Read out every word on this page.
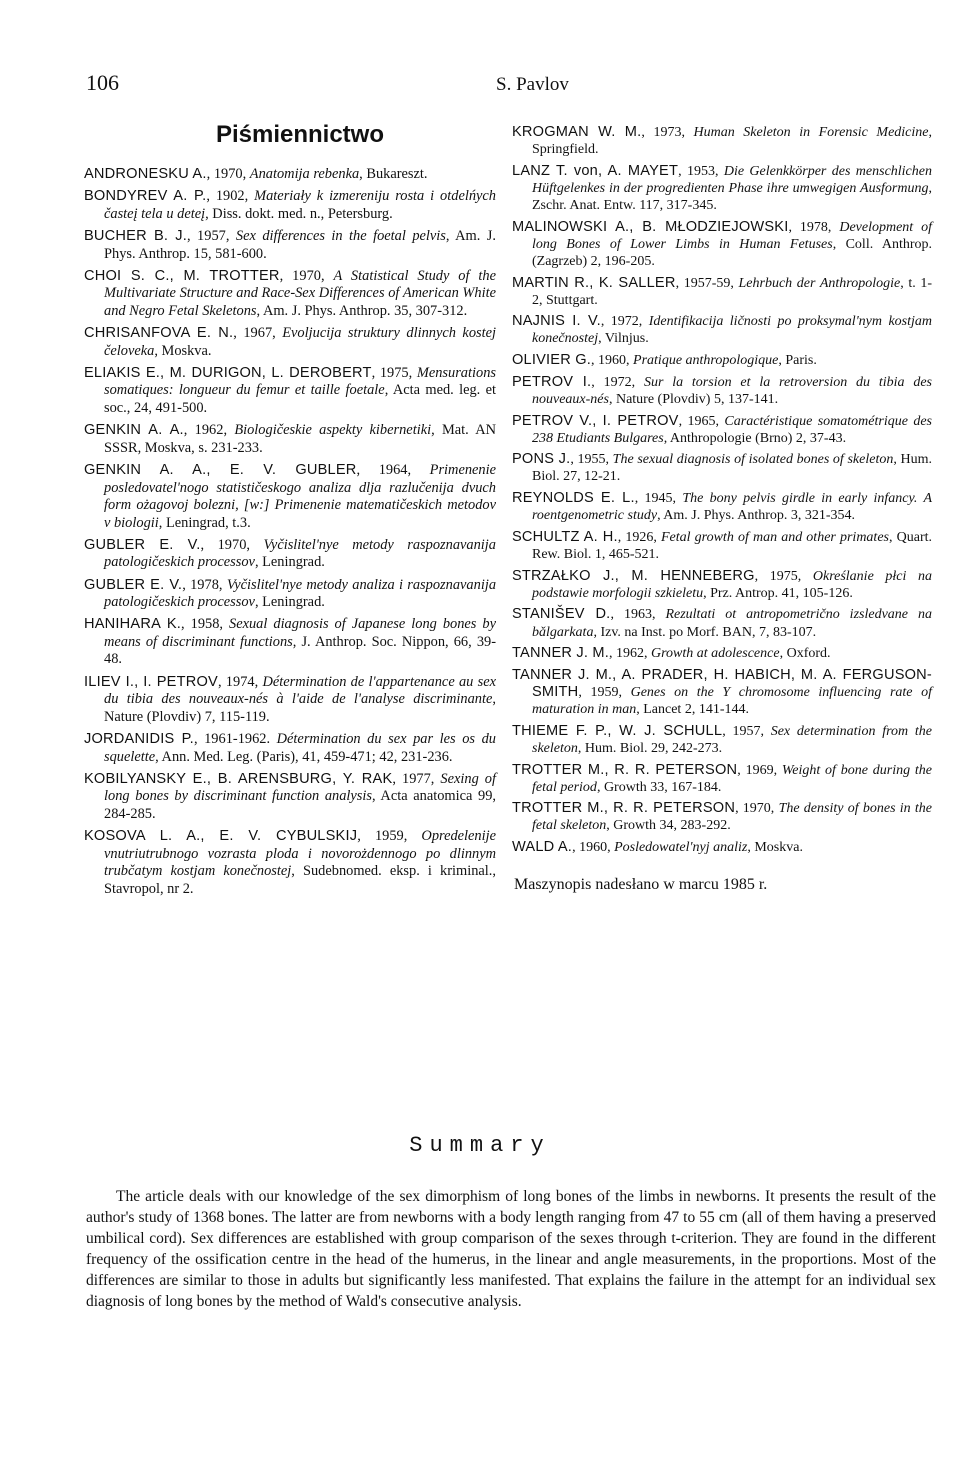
106	S. Pavlov
Piśmiennictwo

ANDRONESKU A., 1970, Anatomija rebenka, Bukareszt.

BONDYREV A. P., 1902, Materiały k izmereniju rosta i otdelńych časteį tela u deteį, Diss. dokt. med. n., Petersburg.

BUCHER B. J., 1957, Sex differences in the foetal pelvis, Am. J. Phys. Anthrop. 15, 581-600.

CHOI S. C., M. TROTTER, 1970, A Statistical Study of the Multivariate Structure and Race-Sex Differences of American White and Negro Fetal Skeletons, Am. J. Phys. Anthrop. 35, 307-312.

CHRISANFOVA E. N., 1967, Evoljucija struktury dlinnych kostej čeloveka, Moskva.

ELIAKIS E., M. DURIGON, L. DEROBERT, 1975, Mensurations somatiques: longueur du femur et taille foetale, Acta med. leg. et soc., 24, 491-500.

GENKIN A. A., 1962, Biologičeskie aspekty kibernetiki, Mat. AN SSSR, Moskva, s. 231-233.

GENKIN A. A., E. V. GUBLER, 1964, Primenenie posledovatel'nogo statističeskogo analiza dlja razlučenija dvuch form ożagovoj bolezni, [w:] Primenenie matematičeskich metodov v biologii, Leningrad, t.3.

GUBLER E. V., 1970, Vyčislitel'nye metody raspoznavanija patologičeskich processov, Leningrad.

GUBLER E. V., 1978, Vyčislitel'nye metody analiza i raspoznavanija patologičeskich processov, Leningrad.

HANIHARA K., 1958, Sexual diagnosis of Japanese long bones by means of discriminant functions, J. Anthrop. Soc. Nippon, 66, 39-48.

ILIEV I., I. PETROV, 1974, Détermination de l'appartenance au sex du tibia des nouveaux-nés à l'aide de l'analyse discriminante, Nature (Plovdiv) 7, 115-119.

JORDANIDIS P., 1961-1962. Détermination du sex par les os du squelette, Ann. Med. Leg. (Paris), 41, 459-471; 42, 231-236.

KOBILYANSKY E., B. ARENSBURG, Y. RAK, 1977, Sexing of long bones by discriminant function analysis, Acta anatomica 99, 284-285.

KOSOVA L. A., E. V. CYBULSKIJ, 1959, Opredelenije vnutriutrubnogo vozrasta ploda i novorożdennogo po dlinnym trubčatym kostjam konečnostej, Sudebnomed. eksp. i kriminal., Stavropol, nr 2.

KROGMAN W. M., 1973, Human Skeleton in Forensic Medicine, Springfield.

LANZ T. von, A. MAYET, 1953, Die Gelenkkörper des menschlichen Hüftgelenkes in der progredienten Phase ihre umwegigen Ausformung, Zschr. Anat. Entw. 117, 317-345.

MALINOWSKI A., B. MŁODZIEJOWSKI, 1978, Development of long Bones of Lower Limbs in Human Fetuses, Coll. Anthrop. (Zagrzeb) 2, 196-205.

MARTIN R., K. SALLER, 1957-59, Lehrbuch der Anthropologie, t. 1-2, Stuttgart.

NAJNIS I. V., 1972, Identifikacija ličnosti po proksymal'nym kostjam konečnostej, Vilnjus.

OLIVIER G., 1960, Pratique anthropologique, Paris.

PETROV I., 1972, Sur la torsion et la retroversion du tibia des nouveaux-nés, Nature (Plovdiv) 5, 137-141.

PETROV V., I. PETROV, 1965, Caractéristique somatométrique des 238 Etudiants Bulgares, Anthropologie (Brno) 2, 37-43.

PONS J., 1955, The sexual diagnosis of isolated bones of skeleton, Hum. Biol. 27, 12-21.

REYNOLDS E. L., 1945, The bony pelvis girdle in early infancy. A roentgenometric study, Am. J. Phys. Anthrop. 3, 321-354.

SCHULTZ A. H., 1926, Fetal growth of man and other primates, Quart. Rew. Biol. 1, 465-521.

STRZAŁKO J., M. HENNEBERG, 1975, Określanie płci na podstawie morfologii szkieletu, Prz. Antrop. 41, 105-126.

STANIŠEV D., 1963, Rezultati ot antropometrično izsledvane na bǎlgarkata, Izv. na Inst. po Morf. BAN, 7, 83-107.

TANNER J. M., 1962, Growth at adolescence, Oxford.

TANNER J. M., A. PRADER, H. HABICH, M. A. FERGUSON-SMITH, 1959, Genes on the Y chromosome influencing rate of maturation in man, Lancet 2, 141-144.

THIEME F. P., W. J. SCHULL, 1957, Sex determination from the skeleton, Hum. Biol. 29, 242-273.

TROTTER M., R. R. PETERSON, 1969, Weight of bone during the fetal period, Growth 33, 167-184.

TROTTER M., R. R. PETERSON, 1970, The density of bones in the fetal skeleton, Growth 34, 283-292.

WALD A., 1960, Posledowatel'nyj analiz, Moskva.

Maszynopis nadesłano w marcu 1985 r.
Summary

The article deals with our knowledge of the sex dimorphism of long bones of the limbs in newborns. It presents the result of the author's study of 1368 bones. The latter are from newborns with a body length ranging from 47 to 55 cm (all of them having a preserved umbilical cord). Sex differences are established with group comparison of the sexes through t-criterion. They are found in the different frequency of the ossification centre in the head of the humerus, in the linear and angle measurements, in the proportions. Most of the differences are similar to those in adults but significantly less manifested. That explains the failure in the attempt for an individual sex diagnosis of long bones by the method of Wald's consecutive analysis.
